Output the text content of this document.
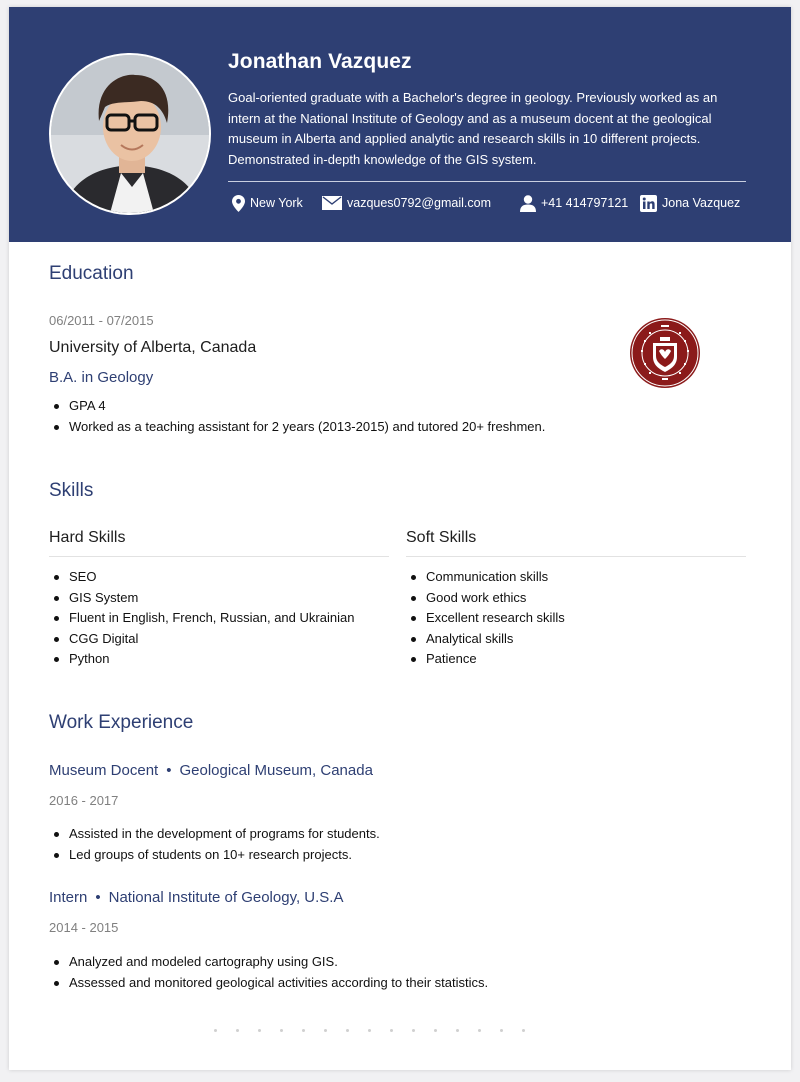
Jonathan Vazquez
Goal-oriented graduate with a Bachelor's degree in geology. Previously worked as an intern at the National Institute of Geology and as a museum docent at the geological museum in Alberta and applied analytic and research skills in 10 different projects. Demonstrated in-depth knowledge of the GIS system.
New York	vazques0792@gmail.com	+41 414797121	Jona Vazquez
Education
06/2011 - 07/2015
University of Alberta, Canada
B.A. in Geology
GPA 4
Worked as a teaching assistant for 2 years (2013-2015) and tutored 20+ freshmen.
Skills
Hard Skills
SEO
GIS System
Fluent in English, French, Russian, and Ukrainian
CGG Digital
Python
Soft Skills
Communication skills
Good work ethics
Excellent research skills
Analytical skills
Patience
Work Experience
Museum Docent • Geological Museum, Canada
2016 - 2017
Assisted in the development of programs for students.
Led groups of students on 10+ research projects.
Intern • National Institute of Geology, U.S.A
2014 - 2015
Analyzed and modeled cartography using GIS.
Assessed and monitored geological activities according to their statistics.
